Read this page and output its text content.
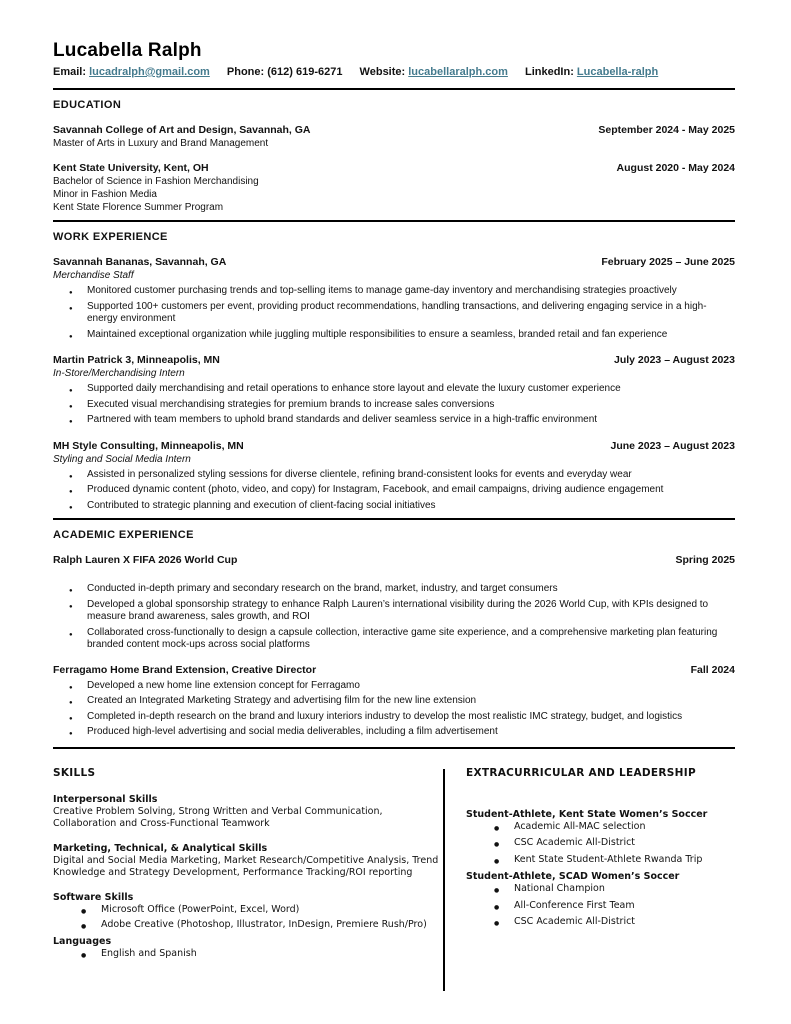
Lucabella Ralph
Email: lucadralph@gmail.com Phone: (612) 619-6271 Website: lucabellaralph.com LinkedIn: Lucabella-ralph
EDUCATION
Savannah College of Art and Design, Savannah, GA	September 2024 - May 2025
Master of Arts in Luxury and Brand Management
Kent State University, Kent, OH	August 2020 - May 2024
Bachelor of Science in Fashion Merchandising
Minor in Fashion Media
Kent State Florence Summer Program
WORK EXPERIENCE
Savannah Bananas, Savannah, GA	February 2025 – June 2025
Merchandise Staff
● Monitored customer purchasing trends and top-selling items to manage game-day inventory and merchandising strategies proactively
● Supported 100+ customers per event, providing product recommendations, handling transactions, and delivering engaging service in a high-energy environment
● Maintained exceptional organization while juggling multiple responsibilities to ensure a seamless, branded retail and fan experience
Martin Patrick 3, Minneapolis, MN	July 2023 – August 2023
In-Store/Merchandising Intern
● Supported daily merchandising and retail operations to enhance store layout and elevate the luxury customer experience
● Executed visual merchandising strategies for premium brands to increase sales conversions
● Partnered with team members to uphold brand standards and deliver seamless service in a high-traffic environment
MH Style Consulting, Minneapolis, MN	June 2023 – August 2023
Styling and Social Media Intern
● Assisted in personalized styling sessions for diverse clientele, refining brand-consistent looks for events and everyday wear
● Produced dynamic content (photo, video, and copy) for Instagram, Facebook, and email campaigns, driving audience engagement
● Contributed to strategic planning and execution of client-facing social initiatives
ACADEMIC EXPERIENCE
Ralph Lauren X FIFA 2026 World Cup	Spring 2025
● Conducted in-depth primary and secondary research on the brand, market, industry, and target consumers
● Developed a global sponsorship strategy to enhance Ralph Lauren’s international visibility during the 2026 World Cup, with KPIs designed to measure brand awareness, sales growth, and ROI
● Collaborated cross-functionally to design a capsule collection, interactive game site experience, and a comprehensive marketing plan featuring branded content mock-ups across social platforms
Ferragamo Home Brand Extension, Creative Director	Fall 2024
● Developed a new home line extension concept for Ferragamo
● Created an Integrated Marketing Strategy and advertising film for the new line extension
● Completed in-depth research on the brand and luxury interiors industry to develop the most realistic IMC strategy, budget, and logistics
● Produced high-level advertising and social media deliverables, including a film advertisement
SKILLS
Interpersonal Skills
Creative Problem Solving, Strong Written and Verbal Communication, Collaboration and Cross-Functional Teamwork
Marketing, Technical, & Analytical Skills
Digital and Social Media Marketing, Market Research/Competitive Analysis, Trend Knowledge and Strategy Development, Performance Tracking/ROI reporting
Software Skills
● Microsoft Office (PowerPoint, Excel, Word)
● Adobe Creative (Photoshop, Illustrator, InDesign, Premiere Rush/Pro)
Languages
● English and Spanish
EXTRACURRICULAR AND LEADERSHIP
Student-Athlete, Kent State Women’s Soccer
● Academic All-MAC selection
● CSC Academic All-District
● Kent State Student-Athlete Rwanda Trip
Student-Athlete, SCAD Women’s Soccer
● National Champion
● All-Conference First Team
● CSC Academic All-District
